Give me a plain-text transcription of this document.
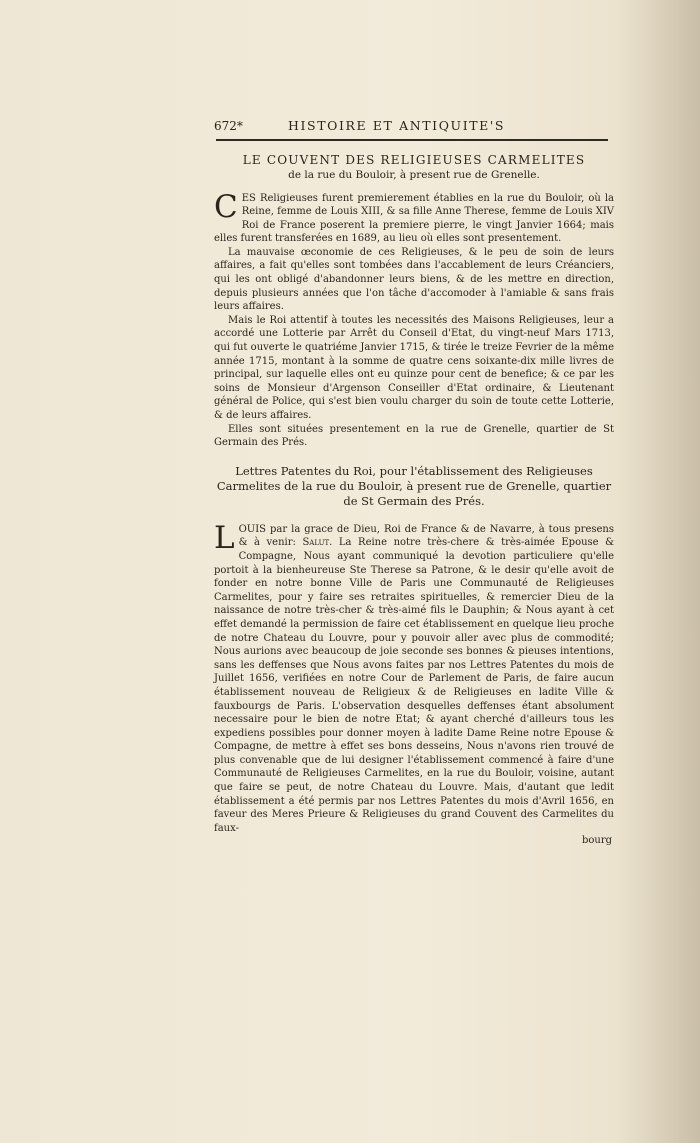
672*	HISTOIRE ET ANTIQUITE'S
LE COUVENT DES RELIGIEUSES CARMELITES
de la rue du Bouloir, à present rue de Grenelle.

CES Religieuses furent premierement établies en la rue du Bouloir, où la Reine, femme de Louis XIII, & sa fille Anne Therese, femme de Louis XIV Roi de France poserent la premiere pierre, le vingt Janvier 1664; mais elles furent transferées en 1689, au lieu où elles sont presentement.

La mauvaise œconomie de ces Religieuses, & le peu de soin de leurs affaires, a fait qu'elles sont tombées dans l'accablement de leurs Créanciers, qui les ont obligé d'abandonner leurs biens, & de les mettre en direction, depuis plusieurs années que l'on tâche d'accomoder à l'amiable & sans frais leurs affaires.

Mais le Roi attentif à toutes les necessités des Maisons Religieuses, leur a accordé une Lotterie par Arrêt du Conseil d'Etat, du vingt-neuf Mars 1713, qui fut ouverte le quatriéme Janvier 1715, & tirée le treize Fevrier de la même année 1715, montant à la somme de quatre cens soixante-dix mille livres de principal, sur laquelle elles ont eu quinze pour cent de benefice; & ce par les soins de Monsieur d'Argenson Conseiller d'Etat ordinaire, & Lieutenant général de Police, qui s'est bien voulu charger du soin de toute cette Lotterie, & de leurs affaires.

Elles sont situées presentement en la rue de Grenelle, quartier de St Germain des Prés.

Lettres Patentes du Roi, pour l'établissement des Religieuses Carmelites de la rue du Bouloir, à present rue de Grenelle, quartier de St Germain des Prés.

LOUIS par la grace de Dieu, Roi de France & de Navarre, à tous presens & à venir: Salut. La Reine notre très-chere & très-aimée Epouse & Compagne, Nous ayant communiqué la devotion particuliere qu'elle portoit à la bienheureuse Ste Therese sa Patrone, & le desir qu'elle avoit de fonder en notre bonne Ville de Paris une Communauté de Religieuses Carmelites, pour y faire ses retraites spirituelles, & remercier Dieu de la naissance de notre très-cher & très-aimé fils le Dauphin; & Nous ayant à cet effet demandé la permission de faire cet établissement en quelque lieu proche de notre Chateau du Louvre, pour y pouvoir aller avec plus de commodité; Nous aurions avec beaucoup de joie seconde ses bonnes & pieuses intentions, sans les deffenses que Nous avons faites par nos Lettres Patentes du mois de Juillet 1656, verifiées en notre Cour de Parlement de Paris, de faire aucun établissement nouveau de Religieux & de Religieuses en ladite Ville & fauxbourgs de Paris. L'observation desquelles deffenses étant absolument necessaire pour le bien de notre Etat; & ayant cherché d'ailleurs tous les expediens possibles pour donner moyen à ladite Dame Reine notre Epouse & Compagne, de mettre à effet ses bons desseins, Nous n'avons rien trouvé de plus convenable que de lui designer l'établissement commencé à faire d'une Communauté de Religieuses Carmelites, en la rue du Bouloir, voisine, autant que faire se peut, de notre Chateau du Louvre. Mais, d'autant que ledit établissement a été permis par nos Lettres Patentes du mois d'Avril 1656, en faveur des Meres Prieure & Religieuses du grand Couvent des Carmelites du faux-

bourg
